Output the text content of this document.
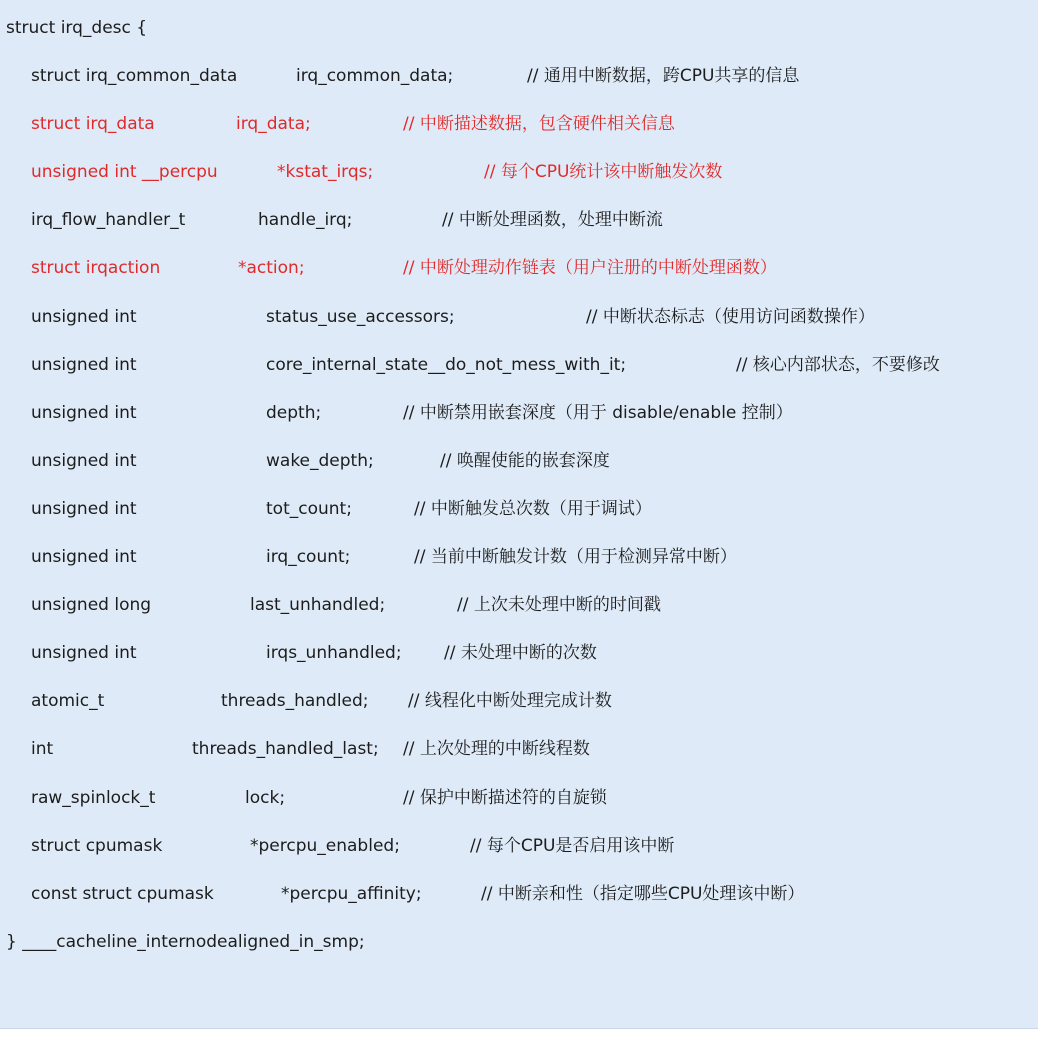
struct irq_desc {

struct irq_common_data	irq_common_data;	// 通用中断数据，跨CPU共享的信息
struct irq_data	irq_data;	// 中断描述数据，包含硬件相关信息
unsigned int __percpu	*kstat_irqs;	// 每个CPU统计该中断触发次数
irq_flow_handler_t	handle_irq;	// 中断处理函数，处理中断流
struct irqaction	*action;	// 中断处理动作链表（用户注册的中断处理函数）
unsigned int	status_use_accessors;	// 中断状态标志（使用访问函数操作）
unsigned int	core_internal_state__do_not_mess_with_it;	// 核心内部状态，不要修改
unsigned int	depth;	// 中断禁用嵌套深度（用于 disable/enable 控制）
unsigned int	wake_depth;	// 唤醒使能的嵌套深度
unsigned int	tot_count;	// 中断触发总次数（用于调试）
unsigned int	irq_count;	// 当前中断触发计数（用于检测异常中断）
unsigned long	last_unhandled;	// 上次未处理中断的时间戳
unsigned int	irqs_unhandled; // 未处理中断的次数
atomic_t	threads_handled; // 线程化中断处理完成计数
int	threads_handled_last; // 上次处理的中断线程数
raw_spinlock_t	lock;	// 保护中断描述符的自旋锁
struct cpumask	*percpu_enabled;	// 每个CPU是否启用该中断
const struct cpumask	*percpu_affinity;	// 中断亲和性（指定哪些CPU处理该中断）

} ____cacheline_internodealigned_in_smp;
